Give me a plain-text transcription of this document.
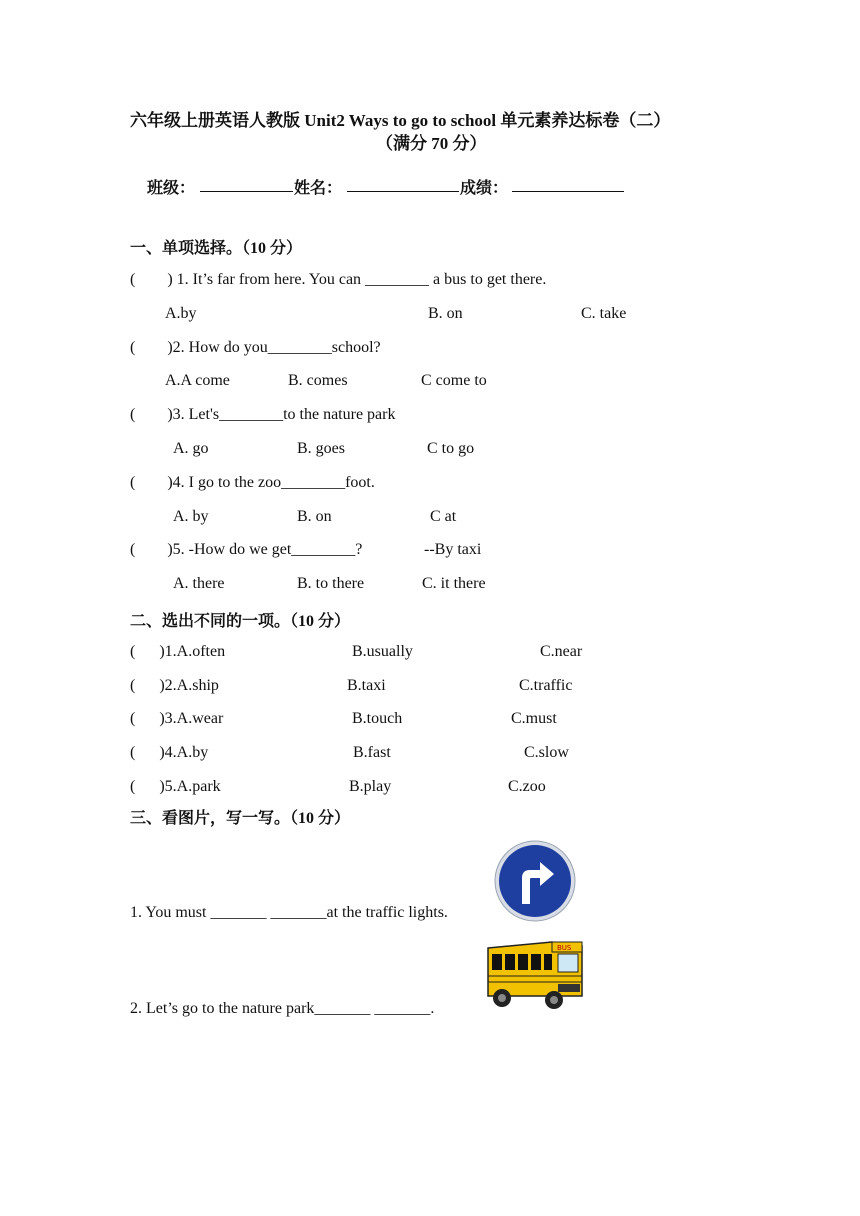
六年级上册英语人教版 Unit2 Ways to go to school 单元素养达标卷（二）
（满分 70 分）
班级：	姓名：	成绩：
一、单项选择。（10 分）
(        ) 1. It’s far from here. You can ________ a bus to get there.
A.by	B. on	C. take
(        )2. How do you________school?
A.A come	B. comes	C come to
(        )3. Let's________to the nature park
A. go	B. goes	C to go
(        )4. I go to the zoo________foot.
A. by	B. on	C at
(        )5. -How do we get________?	--By taxi
A. there	B. to there	C. it there
二、选出不同的一项。（10 分）
(      )1.A.often	B.usually	C.near
(      )2.A.ship	B.taxi	C.traffic
(      )3.A.wear	B.touch	C.must
(      )4.A.by	B.fast	C.slow
(      )5.A.park	B.play	C.zoo
三、看图片，写一写。（10 分）
1. You must _______ _______at the traffic lights.
BUS
2. Let’s go to the nature park_______ _______.
